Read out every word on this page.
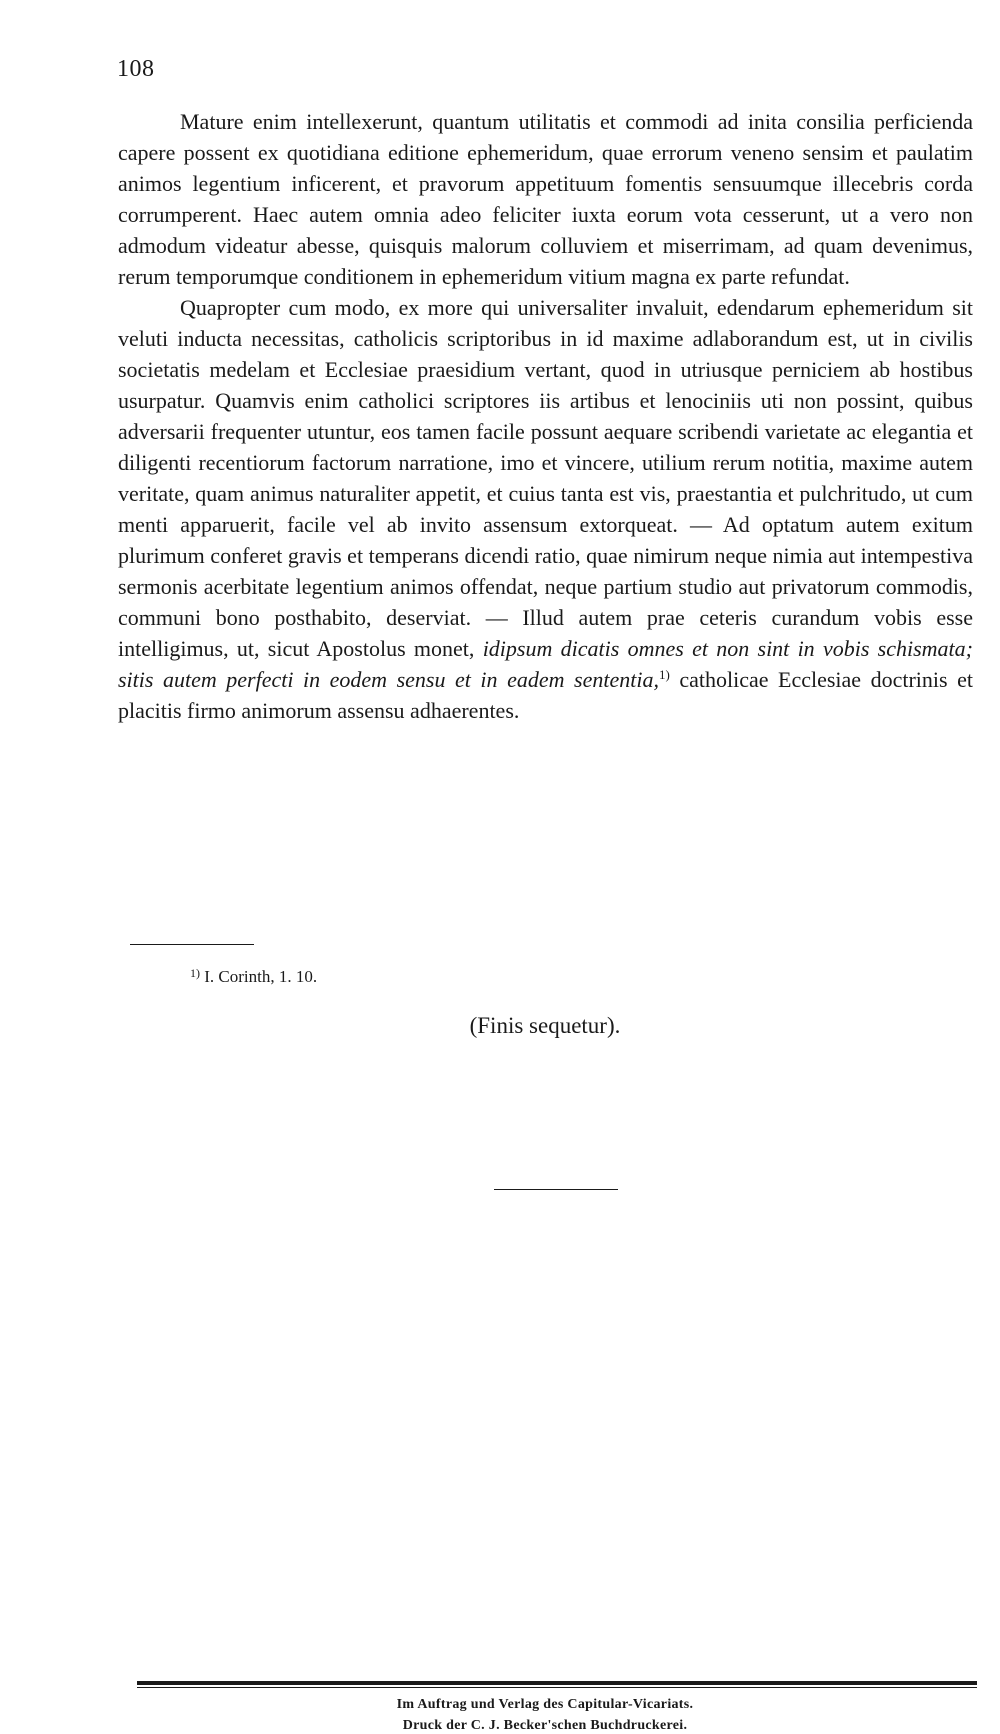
108

Mature enim intellexerunt, quantum utilitatis et commodi ad inita consilia perficienda capere possent ex quotidiana editione ephemeridum, quae errorum veneno sensim et paulatim animos legentium inficerent, et pravorum appetituum fomentis sensuumque illecebris corda corrumperent. Haec autem omnia adeo feliciter iuxta eorum vota cesserunt, ut a vero non admodum videatur abesse, quisquis malorum colluviem et miserrimam, ad quam devenimus, rerum temporumque conditionem in ephemeridum vitium magna ex parte refundat.

Quapropter cum modo, ex more qui universaliter invaluit, edendarum ephemeridum sit veluti inducta necessitas, catholicis scriptoribus in id maxime adlaborandum est, ut in civilis societatis medelam et Ecclesiae praesidium vertant, quod in utriusque perniciem ab hostibus usurpatur. Quamvis enim catholici scriptores iis artibus et lenociniis uti non possint, quibus adversarii frequenter utuntur, eos tamen facile possunt aequare scribendi varietate ac elegantia et diligenti recentiorum factorum narratione, imo et vincere, utilium rerum notitia, maxime autem veritate, quam animus naturaliter appetit, et cuius tanta est vis, praestantia et pulchritudo, ut cum menti apparuerit, facile vel ab invito assensum extorqueat. — Ad optatum autem exitum plurimum conferet gravis et temperans dicendi ratio, quae nimirum neque nimia aut intempestiva sermonis acerbitate legentium animos offendat, neque partium studio aut privatorum commodis, communi bono posthabito, deserviat. — Illud autem prae ceteris curandum vobis esse intelligimus, ut, sicut Apostolus monet, idipsum dicatis omnes et non sint in vobis schismata; sitis autem perfecti in eodem sensu et in eadem sententia,$^{1)}$ catholicae Ecclesiae doctrinis et placitis firmo animorum assensu adhaerentes.

$^{1)}$ I. Corinth, 1. 10.
(Finis sequetur).
Im Auftrag und Verlag des Capitular-Vicariats.
Druck der C. J. Becker'schen Buchdruckerei.
